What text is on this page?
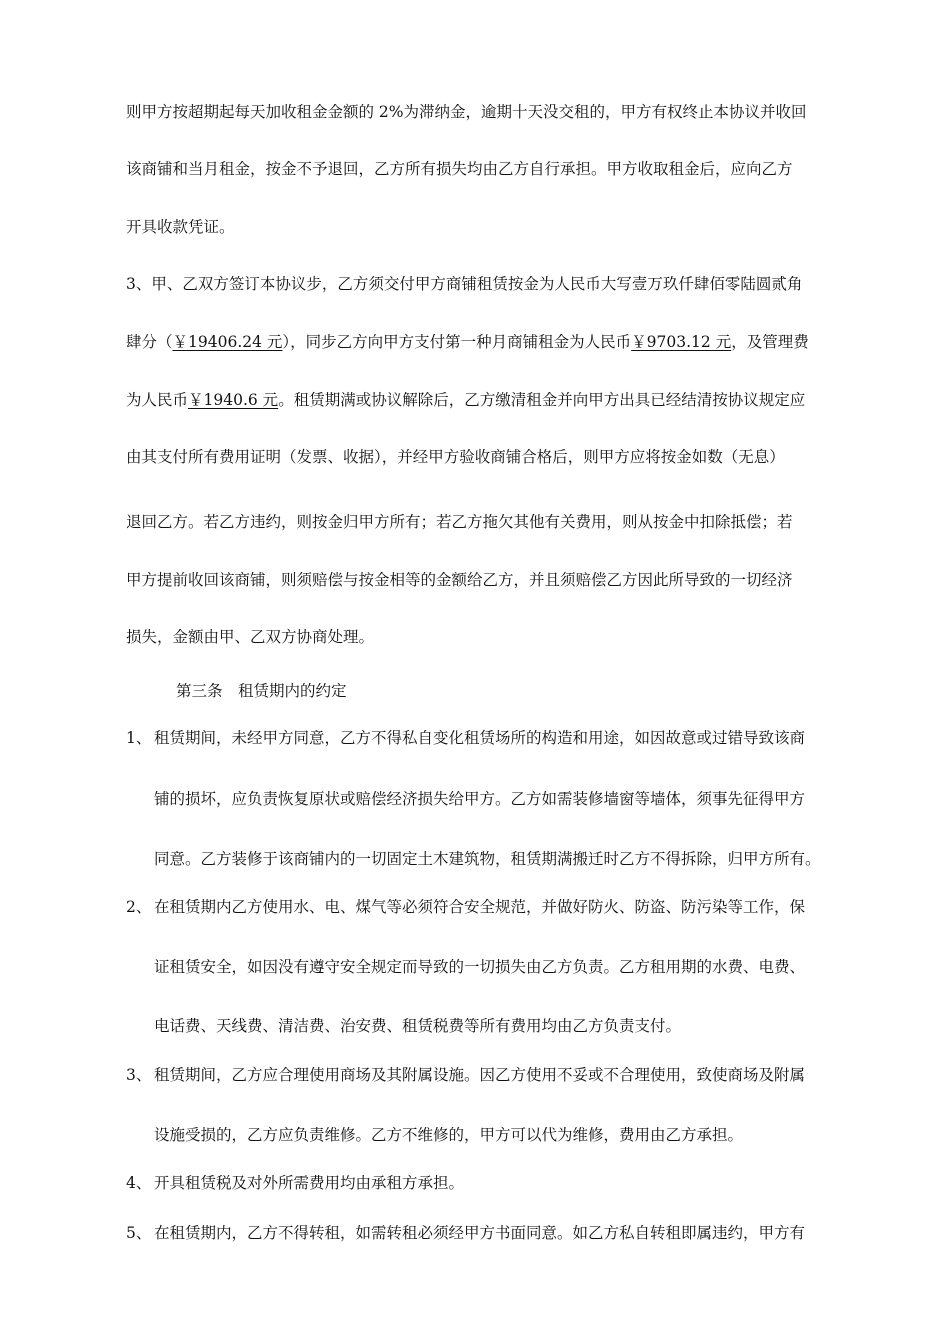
则甲方按超期起每天加收租金金额的 2%为滞纳金，逾期十天没交租的，甲方有权终止本协议并收回
该商铺和当月租金，按金不予退回，乙方所有损失均由乙方自行承担。甲方收取租金后，应向乙方
开具收款凭证。
3、甲、乙双方签订本协议步，乙方须交付甲方商铺租赁按金为人民币大写壹万玖仟肆佰零陆圆贰角
肆分（￥19406.24 元），同步乙方向甲方支付第一种月商铺租金为人民币￥9703.12 元，及管理费
为人民币￥1940.6 元。租赁期满或协议解除后，乙方缴清租金并向甲方出具已经结清按协议规定应
由其支付所有费用证明（发票、收据），并经甲方验收商铺合格后，则甲方应将按金如数（无息）
退回乙方。若乙方违约，则按金归甲方所有；若乙方拖欠其他有关费用，则从按金中扣除抵偿；若
甲方提前收回该商铺，则须赔偿与按金相等的金额给乙方，并且须赔偿乙方因此所导致的一切经济
损失，金额由甲、乙双方协商处理。
第三条　租赁期内的约定
1、 租赁期间，未经甲方同意，乙方不得私自变化租赁场所的构造和用途，如因故意或过错导致该商
铺的损坏，应负责恢复原状或赔偿经济损失给甲方。乙方如需装修墙窗等墙体，须事先征得甲方
同意。乙方装修于该商铺内的一切固定土木建筑物，租赁期满搬迁时乙方不得拆除，归甲方所有。
2、 在租赁期内乙方使用水、电、煤气等必须符合安全规范，并做好防火、防盗、防污染等工作，保
证租赁安全，如因没有遵守安全规定而导致的一切损失由乙方负责。乙方租用期的水费、电费、
电话费、天线费、清洁费、治安费、租赁税费等所有费用均由乙方负责支付。
3、 租赁期间，乙方应合理使用商场及其附属设施。因乙方使用不妥或不合理使用，致使商场及附属
设施受损的，乙方应负责维修。乙方不维修的，甲方可以代为维修，费用由乙方承担。
4、 开具租赁税及对外所需费用均由承租方承担。
5、 在租赁期内，乙方不得转租，如需转租必须经甲方书面同意。如乙方私自转租即属违约，甲方有
